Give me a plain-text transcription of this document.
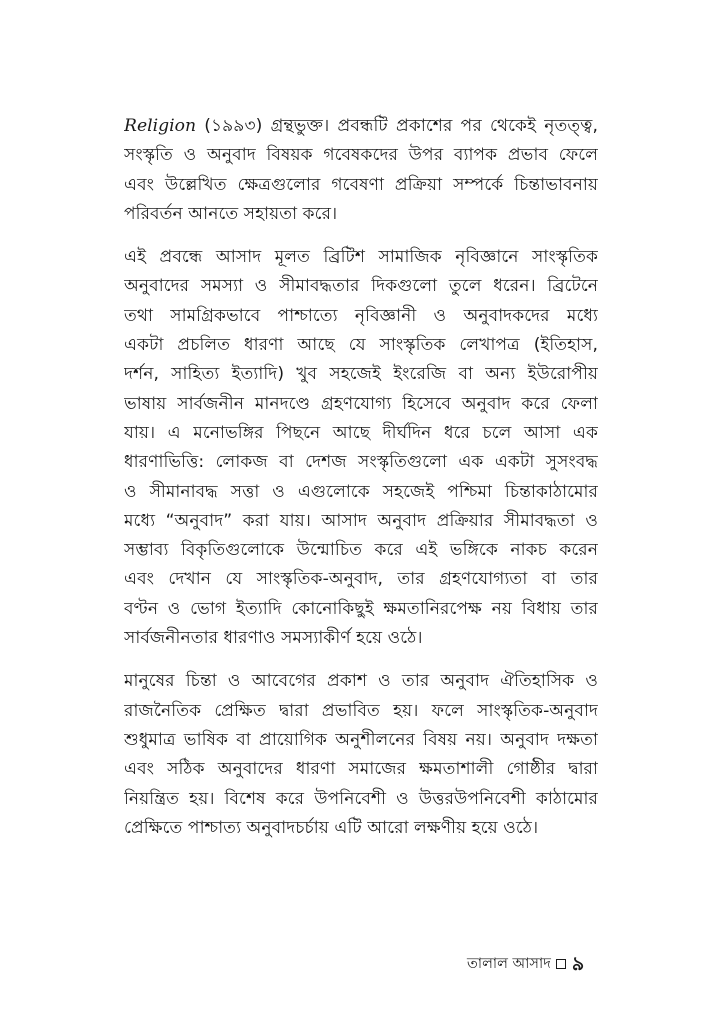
Religion (১৯৯৩) গ্রন্থভুক্ত। প্রবন্ধটি প্রকাশের পর থেকেই নৃতত্ত্ব,
সংস্কৃতি ও অনুবাদ বিষয়ক গবেষকদের উপর ব্যাপক প্রভাব ফেলে
এবং উল্লেখিত ক্ষেত্রগুলোর গবেষণা প্রক্রিয়া সম্পর্কে চিন্তাভাবনায়
পরিবর্তন আনতে সহায়তা করে।
এই প্রবন্ধে আসাদ মূলত ব্রিটিশ সামাজিক নৃবিজ্ঞানে সাংস্কৃতিক
অনুবাদের সমস্যা ও সীমাবদ্ধতার দিকগুলো তুলে ধরেন। ব্রিটেনে
তথা সামগ্রিকভাবে পাশ্চাত্যে নৃবিজ্ঞানী ও অনুবাদকদের মধ্যে
একটা প্রচলিত ধারণা আছে যে সাংস্কৃতিক লেখাপত্র (ইতিহাস,
দর্শন, সাহিত্য ইত্যাদি) খুব সহজেই ইংরেজি বা অন্য ইউরোপীয়
ভাষায় সার্বজনীন মানদণ্ডে গ্রহণযোগ্য হিসেবে অনুবাদ করে ফেলা
যায়। এ মনোভঙ্গির পিছনে আছে দীর্ঘদিন ধরে চলে আসা এক
ধারণাভিত্তি: লোকজ বা দেশজ সংস্কৃতিগুলো এক একটা সুসংবদ্ধ
ও সীমানাবদ্ধ সত্তা ও এগুলোকে সহজেই পশ্চিমা চিন্তাকাঠামোর
মধ্যে “অনুবাদ” করা যায়। আসাদ অনুবাদ প্রক্রিয়ার সীমাবদ্ধতা ও
সম্ভাব্য বিকৃতিগুলোকে উন্মোচিত করে এই ভঙ্গিকে নাকচ করেন
এবং দেখান যে সাংস্কৃতিক-অনুবাদ, তার গ্রহণযোগ্যতা বা তার
বণ্টন ও ভোগ ইত্যাদি কোনোকিছুই ক্ষমতানিরপেক্ষ নয় বিধায় তার
সার্বজনীনতার ধারণাও সমস্যাকীর্ণ হয়ে ওঠে।
মানুষের চিন্তা ও আবেগের প্রকাশ ও তার অনুবাদ ঐতিহাসিক ও
রাজনৈতিক প্রেক্ষিত দ্বারা প্রভাবিত হয়। ফলে সাংস্কৃতিক-অনুবাদ
শুধুমাত্র ভাষিক বা প্রায়োগিক অনুশীলনের বিষয় নয়। অনুবাদ দক্ষতা
এবং সঠিক অনুবাদের ধারণা সমাজের ক্ষমতাশালী গোষ্ঠীর দ্বারা
নিয়ন্ত্রিত হয়। বিশেষ করে উপনিবেশী ও উত্তরউপনিবেশী কাঠামোর
প্রেক্ষিতে পাশ্চাত্য অনুবাদচর্চায় এটি আরো লক্ষণীয় হয়ে ওঠে।
তালাল আসাদ ৯
